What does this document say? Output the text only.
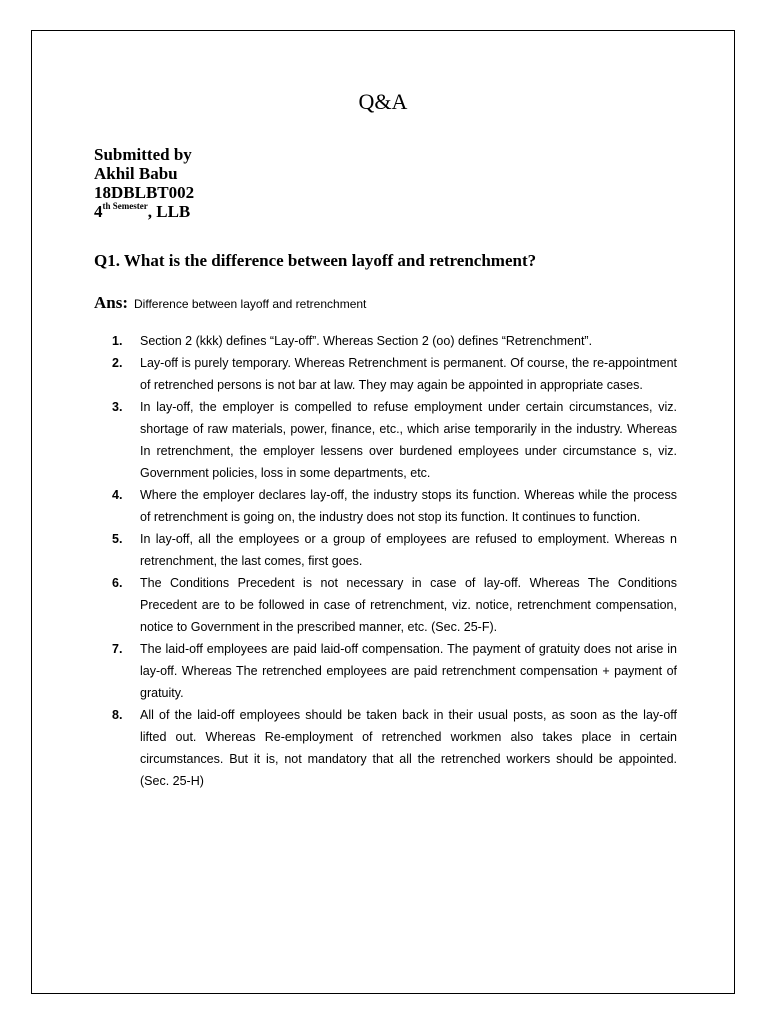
Q&A
Submitted by
Akhil Babu
18DBLBT002
$4^{th Semester}$, LLB
Q1. What is the difference between layoff and retrenchment?
Ans: Difference between layoff and retrenchment
1. Section 2 (kkk) defines “Lay-off”. Whereas Section 2 (oo) defines “Retrenchment”.
2. Lay-off is purely temporary. Whereas Retrenchment is permanent. Of course, the re-appointment of retrenched persons is not bar at law. They may again be appointed in appropriate cases.
3. In lay-off, the employer is compelled to refuse employment under certain circumstances, viz. shortage of raw materials, power, finance, etc., which arise temporarily in the industry. Whereas In retrenchment, the employer lessens over burdened employees under circumstance s, viz. Government policies, loss in some departments, etc.
4. Where the employer declares lay-off, the industry stops its function. Whereas while the process of retrenchment is going on, the industry does not stop its function. It continues to function.
5. In lay-off, all the employees or a group of employees are refused to employment. Whereas n retrenchment, the last comes, first goes.
6. The Conditions Precedent is not necessary in case of lay-off. Whereas The Conditions Precedent are to be followed in case of retrenchment, viz. notice, retrenchment compensation, notice to Government in the prescribed manner, etc. (Sec. 25-F).
7. The laid-off employees are paid laid-off compensation. The payment of gratuity does not arise in lay-off. Whereas The retrenched employees are paid retrenchment compensation + payment of gratuity.
8. All of the laid-off employees should be taken back in their usual posts, as soon as the lay-off lifted out. Whereas Re-employment of retrenched workmen also takes place in certain circumstances. But it is, not mandatory that all the retrenched workers should be appointed. (Sec. 25-H)
